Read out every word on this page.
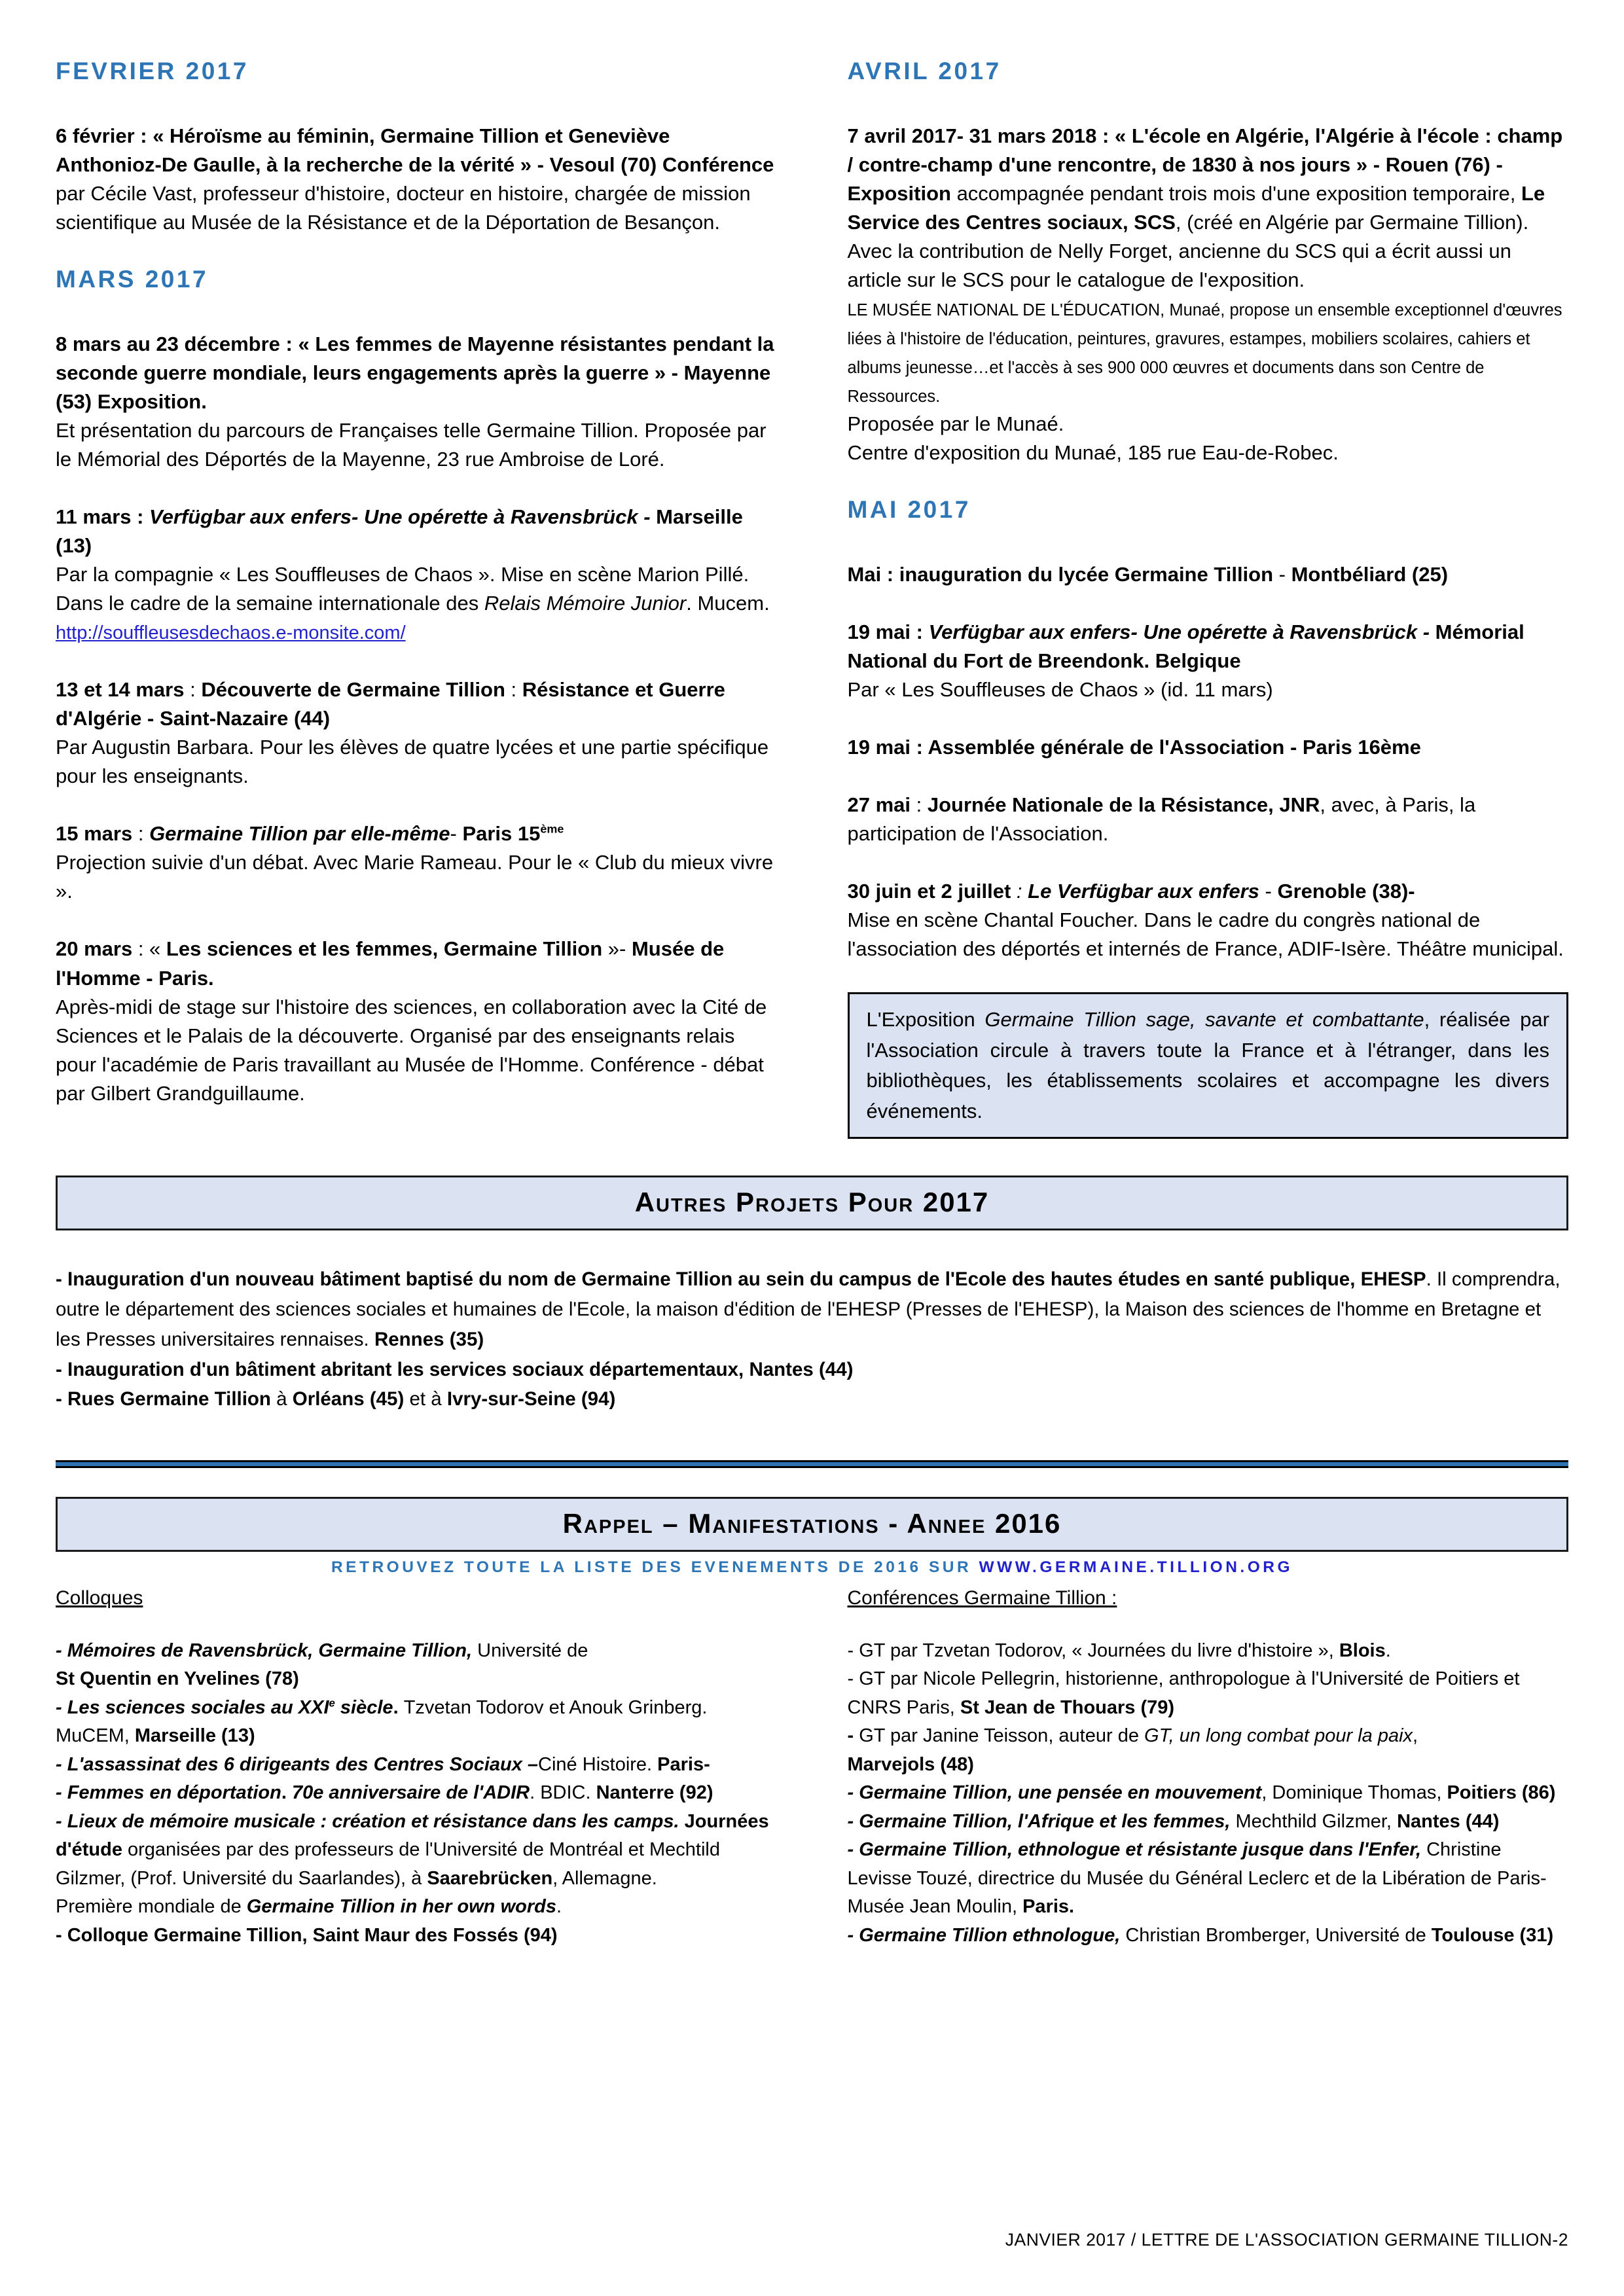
FEVRIER 2017

6 février : « Héroïsme au féminin, Germaine Tillion et Geneviève Anthonioz-De Gaulle, à la recherche de la vérité » - Vesoul (70) Conférence par Cécile Vast, professeur d'histoire, docteur en histoire, chargée de mission scientifique au Musée de la Résistance et de la Déportation de Besançon.

MARS 2017

8 mars au 23 décembre : « Les femmes de Mayenne résistantes pendant la seconde guerre mondiale, leurs engagements après la guerre » - Mayenne (53) Exposition.
Et présentation du parcours de Françaises telle Germaine Tillion. Proposée par le Mémorial des Déportés de la Mayenne, 23 rue Ambroise de Loré.

11 mars : Verfügbar aux enfers- Une opérette à Ravensbrück - Marseille (13)
Par la compagnie « Les Souffleuses de Chaos ». Mise en scène Marion Pillé. Dans le cadre de la semaine internationale des Relais Mémoire Junior. Mucem.
http://souffleusesdechaos.e-monsite.com/

13 et 14 mars : Découverte de Germaine Tillion : Résistance et Guerre d'Algérie - Saint-Nazaire (44)
Par Augustin Barbara. Pour les élèves de quatre lycées et une partie spécifique pour les enseignants.

15 mars : Germaine Tillion par elle-même- Paris 15ème
Projection suivie d'un débat. Avec Marie Rameau. Pour le « Club du mieux vivre ».

20 mars : « Les sciences et les femmes, Germaine Tillion »- Musée de l'Homme - Paris.
Après-midi de stage sur l'histoire des sciences, en collaboration avec la Cité de Sciences et le Palais de la découverte. Organisé par des enseignants relais pour l'académie de Paris travaillant au Musée de l'Homme. Conférence - débat par Gilbert Grandguillaume.

AVRIL 2017

7 avril 2017- 31 mars 2018 : « L'école en Algérie, l'Algérie à l'école : champ / contre-champ d'une rencontre, de 1830 à nos jours » - Rouen (76) - Exposition accompagnée pendant trois mois d'une exposition temporaire, Le Service des Centres sociaux, SCS, (créé en Algérie par Germaine Tillion).
Avec la contribution de Nelly Forget, ancienne du SCS qui a écrit aussi un article sur le SCS pour le catalogue de l'exposition.
LE MUSÉE NATIONAL DE L'ÉDUCATION, Munaé, propose un ensemble exceptionnel d'œuvres liées à l'histoire de l'éducation, peintures, gravures, estampes, mobiliers scolaires, cahiers et albums jeunesse…et l'accès à ses 900 000 œuvres et documents dans son Centre de Ressources.
Proposée par le Munaé.
Centre d'exposition du Munaé, 185 rue Eau-de-Robec.

MAI 2017

Mai : inauguration du lycée Germaine Tillion - Montbéliard (25)

19 mai : Verfügbar aux enfers- Une opérette à Ravensbrück - Mémorial National du Fort de Breendonk. Belgique
Par « Les Souffleuses de Chaos » (id. 11 mars)

19 mai : Assemblée générale de l'Association - Paris 16ème

27 mai : Journée Nationale de la Résistance, JNR, avec, à Paris, la participation de l'Association.

30 juin et 2 juillet : Le Verfügbar aux enfers - Grenoble (38)-
Mise en scène Chantal Foucher. Dans le cadre du congrès national de l'association des déportés et internés de France, ADIF-Isère. Théâtre municipal.

L'Exposition Germaine Tillion sage, savante et combattante, réalisée par l'Association circule à travers toute la France et à l'étranger, dans les bibliothèques, les établissements scolaires et accompagne les divers événements.
Autres Projets Pour 2017

- Inauguration d'un nouveau bâtiment baptisé du nom de Germaine Tillion au sein du campus de l'Ecole des hautes études en santé publique, EHESP. Il comprendra, outre le département des sciences sociales et humaines de l'Ecole, la maison d'édition de l'EHESP (Presses de l'EHESP), la Maison des sciences de l'homme en Bretagne et les Presses universitaires rennaises. Rennes (35)
- Inauguration d'un bâtiment abritant les services sociaux départementaux, Nantes (44)
- Rues Germaine Tillion à Orléans (45) et à Ivry-sur-Seine (94)

Rappel – Manifestations - Annee 2016
RETROUVEZ TOUTE LA LISTE DES EVENEMENTS DE 2016 SUR WWW.GERMAINE.TILLION.ORG
Colloques

- Mémoires de Ravensbrück, Germaine Tillion, Université de
St Quentin en Yvelines (78)
- Les sciences sociales au XXIe siècle. Tzvetan Todorov et Anouk Grinberg. MuCEM, Marseille (13)
- L'assassinat des 6 dirigeants des Centres Sociaux –Ciné Histoire. Paris-
- Femmes en déportation. 70e anniversaire de l'ADIR. BDIC. Nanterre (92)
- Lieux de mémoire musicale : création et résistance dans les camps. Journées d'étude organisées par des professeurs de l'Université de Montréal et Mechtild Gilzmer, (Prof. Université du Saarlandes), à Saarebrücken, Allemagne.
Première mondiale de Germaine Tillion in her own words.
- Colloque Germaine Tillion, Saint Maur des Fossés (94)

Conférences Germaine Tillion :

- GT par Tzvetan Todorov, « Journées du livre d'histoire », Blois.
- GT par Nicole Pellegrin, historienne, anthropologue à l'Université de Poitiers et CNRS Paris, St Jean de Thouars (79)
- GT par Janine Teisson, auteur de GT, un long combat pour la paix,
Marvejols (48)
- Germaine Tillion, une pensée en mouvement, Dominique Thomas, Poitiers (86)
- Germaine Tillion, l'Afrique et les femmes, Mechthild Gilzmer, Nantes (44)
- Germaine Tillion, ethnologue et résistante jusque dans l'Enfer, Christine Levisse Touzé, directrice du Musée du Général Leclerc et de la Libération de Paris-Musée Jean Moulin, Paris.
- Germaine Tillion ethnologue, Christian Bromberger, Université de Toulouse (31)

JANVIER 2017 / LETTRE DE L'ASSOCIATION GERMAINE TILLION-2
